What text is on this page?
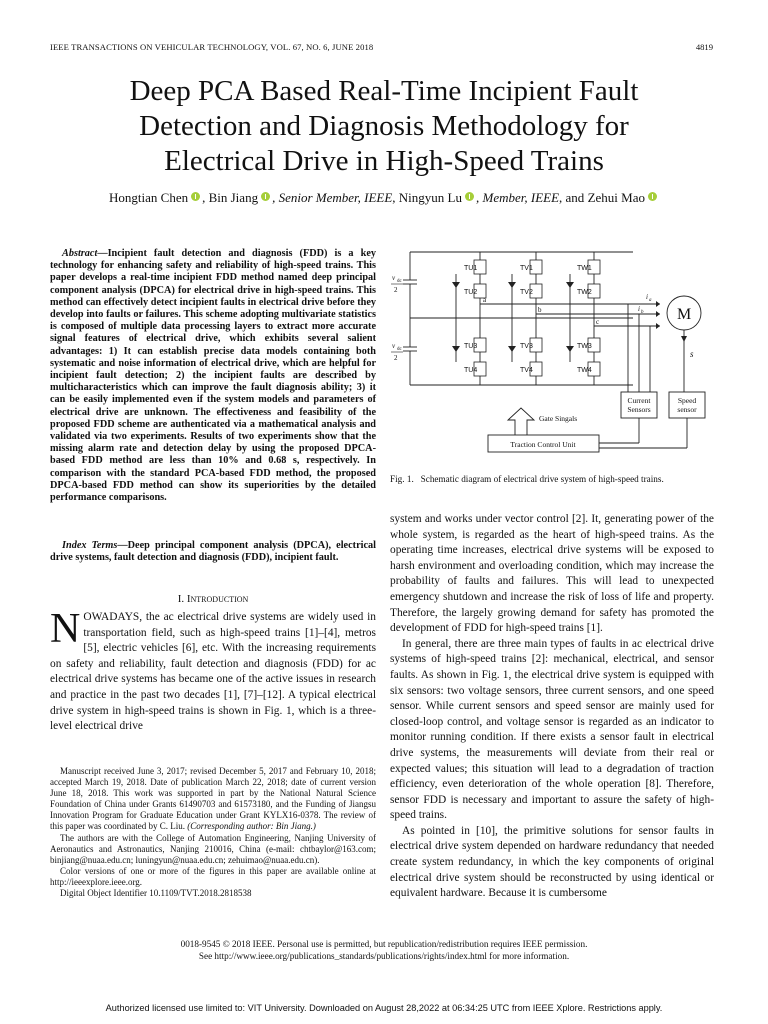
IEEE TRANSACTIONS ON VEHICULAR TECHNOLOGY, VOL. 67, NO. 6, JUNE 2018	4819
Deep PCA Based Real-Time Incipient Fault
Detection and Diagnosis Methodology for
Electrical Drive in High-Speed Trains
Hongtian Chen , Bin Jiang , Senior Member, IEEE, Ningyun Lu , Member, IEEE, and Zehui Mao

Abstract—Incipient fault detection and diagnosis (FDD) is a key technology for enhancing safety and reliability of high-speed trains. This paper develops a real-time incipient FDD method named deep principal component analysis (DPCA) for electrical drive in high-speed trains. This method can effectively detect incipient faults in electrical drive before they develop into faults or failures. This scheme adopting multivariate statistics is composed of multiple data processing layers to extract more accurate signal features of electrical drive, which exhibits several salient advantages: 1) It can establish precise data models containing both systematic and noise information of electrical drive, which are helpful for incipient fault detection; 2) the incipient faults are described by multicharacteristics which can improve the fault diagnosis ability; 3) it can be easily implemented even if the system models and parameters of electrical drive are unknown. The effectiveness and feasibility of the proposed FDD scheme are authenticated via a mathematical analysis and validated via two experiments. Results of two experiments show that the missing alarm rate and detection delay by using the proposed DPCA-based FDD method are less than 10% and 0.68 s, respectively. In comparison with the standard PCA-based FDD method, the proposed DPCA-based FDD method can show its superiorities by the detailed performance comparisons.

Index Terms—Deep principal component analysis (DPCA), electrical drive systems, fault detection and diagnosis (FDD), incipient fault.

I. Introduction

NOWADAYS, the ac electrical drive systems are widely used in transportation field, such as high-speed trains [1]–[4], metros [5], electric vehicles [6], etc. With the increasing requirements on safety and reliability, fault detection and diagnosis (FDD) for ac electrical drive systems has became one of the active issues in research and practice in the past two decades [1], [7]–[12]. A typical electrical drive system in high-speed trains is shown in Fig. 1, which is a three-level electrical drive

Manuscript received June 3, 2017; revised December 5, 2017 and February 10, 2018; accepted March 19, 2018. Date of publication March 22, 2018; date of current version June 18, 2018. This work was supported in part by the National Natural Science Foundation of China under Grants 61490703 and 61573180, and the Funding of Jiangsu Innovation Program for Graduate Education under Grant KYLX16-0378. The review of this paper was coordinated by C. Liu. (Corresponding author: Bin Jiang.)

The authors are with the College of Automation Engineering, Nanjing University of Aeronautics and Astronautics, Nanjing 210016, China (e-mail: chtbaylor@163.com; binjiang@nuaa.edu.cn; luningyun@nuaa.edu.cn; zehuimao@nuaa.edu.cn).

Color versions of one or more of the figures in this paper are available online at http://ieeexplore.ieee.org.

Digital Object Identifier 10.1109/TVT.2018.2818538

TU1	TV1	TW1
TU2	TV2	TW2
TU3	TV3	TW3
TU4	TV4	TW4
v dc
2
v dc
2
a
b
c
i a
i b M
s
Current
Sensors
Speed
sensor
Gate Singals
Traction Control Unit
Fig. 1. Schematic diagram of electrical drive system of high-speed trains.

system and works under vector control [2]. It, generating power of the whole system, is regarded as the heart of high-speed trains. As the operating time increases, electrical drive systems will be exposed to harsh environment and overloading condition, which may increase the probability of faults and failures. This will lead to unexpected emergency shutdown and increase the risk of loss of life and property. Therefore, the largely growing demand for safety has promoted the development of FDD for high-speed trains [1].

In general, there are three main types of faults in ac electrical drive systems of high-speed trains [2]: mechanical, electrical, and sensor faults. As shown in Fig. 1, the electrical drive system is equipped with six sensors: two voltage sensors, three current sensors, and one speed sensor. While current sensors and speed sensor are mainly used for closed-loop control, and voltage sensor is regarded as an indicator to monitor running condition. If there exists a sensor fault in electrical drive systems, the measurements will deviate from their real or expected values; this situation will lead to a degradation of traction efficiency, even deterioration of the whole operation [8]. Therefore, sensor FDD is necessary and important to assure the safety of high-speed trains.

As pointed in [10], the primitive solutions for sensor faults in electrical drive system depended on hardware redundancy that needed create system redundancy, in which the key components of original electrical drive system should be reconstructed by using identical or equivalent hardware. Because it is cumbersome

0018-9545 © 2018 IEEE. Personal use is permitted, but republication/redistribution requires IEEE permission.
See http://www.ieee.org/publications_standards/publications/rights/index.html for more information.
Authorized licensed use limited to: VIT University. Downloaded on August 28,2022 at 06:34:25 UTC from IEEE Xplore. Restrictions apply.
